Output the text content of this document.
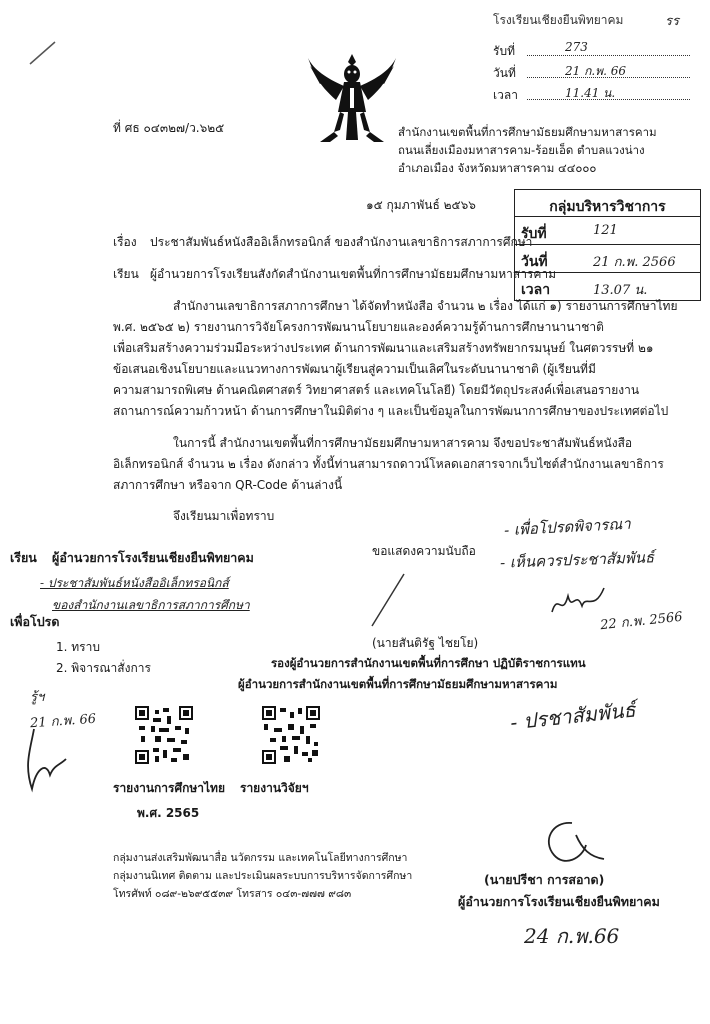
โรงเรียนเชียงยืนพิทยาคม	รร
รับที่	273
วันที่	21 ก.พ. 66
เวลา	11.41 น.
ที่ ศธ ๐๔๓๒๗/ว.๖๒๕	สำนักงานเขตพื้นที่การศึกษามัธยมศึกษามหาสารคาม
ถนนเลี่ยงเมืองมหาสารคาม-ร้อยเอ็ด ตำบลแวงน่าง
อำเภอเมือง จังหวัดมหาสารคาม ๔๔๐๐๐
๑๕ กุมภาพันธ์ ๒๕๖๖	กลุ่มบริหารวิชาการ
รับที่	121
วันที่	21 ก.พ. 2566
เวลา	13.07 น.
เรื่อง ประชาสัมพันธ์หนังสืออิเล็กทรอนิกส์ ของสำนักงานเลขาธิการสภาการศึกษา
เรียน ผู้อำนวยการโรงเรียนสังกัดสำนักงานเขตพื้นที่การศึกษามัธยมศึกษามหาสารคาม
สำนักงานเลขาธิการสภาการศึกษา ได้จัดทำหนังสือ จำนวน ๒ เรื่อง ได้แก่ ๑) รายงานการศึกษาไทย
พ.ศ. ๒๕๖๕ ๒) รายงานการวิจัยโครงการพัฒนานโยบายและองค์ความรู้ด้านการศึกษานานาชาติ
เพื่อเสริมสร้างความร่วมมือระหว่างประเทศ ด้านการพัฒนาและเสริมสร้างทรัพยากรมนุษย์ ในศตวรรษที่ ๒๑
ข้อเสนอเชิงนโยบายและแนวทางการพัฒนาผู้เรียนสู่ความเป็นเลิศในระดับนานาชาติ (ผู้เรียนที่มี
ความสามารถพิเศษ ด้านคณิตศาสตร์ วิทยาศาสตร์ และเทคโนโลยี) โดยมีวัตถุประสงค์เพื่อเสนอรายงาน
สถานการณ์ความก้าวหน้า ด้านการศึกษาในมิติต่าง ๆ และเป็นข้อมูลในการพัฒนาการศึกษาของประเทศต่อไป
ในการนี้ สำนักงานเขตพื้นที่การศึกษามัธยมศึกษามหาสารคาม จึงขอประชาสัมพันธ์หนังสือ
อิเล็กทรอนิกส์ จำนวน ๒ เรื่อง ดังกล่าว ทั้งนี้ท่านสามารถดาวน์โหลดเอกสารจากเว็บไซต์สำนักงานเลขาธิการ
สภาการศึกษา หรือจาก QR-Code ด้านล่างนี้
จึงเรียนมาเพื่อทราบ
ขอแสดงความนับถือ
- เพื่อโปรดพิจารณา
- เห็นควรประชาสัมพันธ์
22 ก.พ. 2566
- ปรชาสัมพันธ์
เรียน ผู้อำนวยการโรงเรียนเชียงยืนพิทยาคม
- ประชาสัมพันธ์หนังสืออิเล็กทรอนิกส์
ของสำนักงานเลขาธิการสภาการศึกษา
เพื่อโปรด
1. ทราบ
2. พิจารณาสั่งการ
รู้ฯ
21 ก.พ. 66
(นายสันติรัฐ ไชยโย)
รองผู้อำนวยการสำนักงานเขตพื้นที่การศึกษา ปฏิบัติราชการแทน
ผู้อำนวยการสำนักงานเขตพื้นที่การศึกษามัธยมศึกษามหาสารคาม
รายงานการศึกษาไทย
พ.ศ. 2565
รายงานวิจัยฯ
กลุ่มงานส่งเสริมพัฒนาสื่อ นวัตกรรม และเทคโนโลยีทางการศึกษา
กลุ่มงานนิเทศ ติดตาม และประเมินผลระบบการบริหารจัดการศึกษา
โทรศัพท์ ๐๘๙-๒๖๙๕๕๓๙ โทรสาร ๐๔๓-๗๗๗ ๙๘๓
(นายปรีชา การสอาด)
ผู้อำนวยการโรงเรียนเชียงยืนพิทยาคม
24 ก.พ.66
